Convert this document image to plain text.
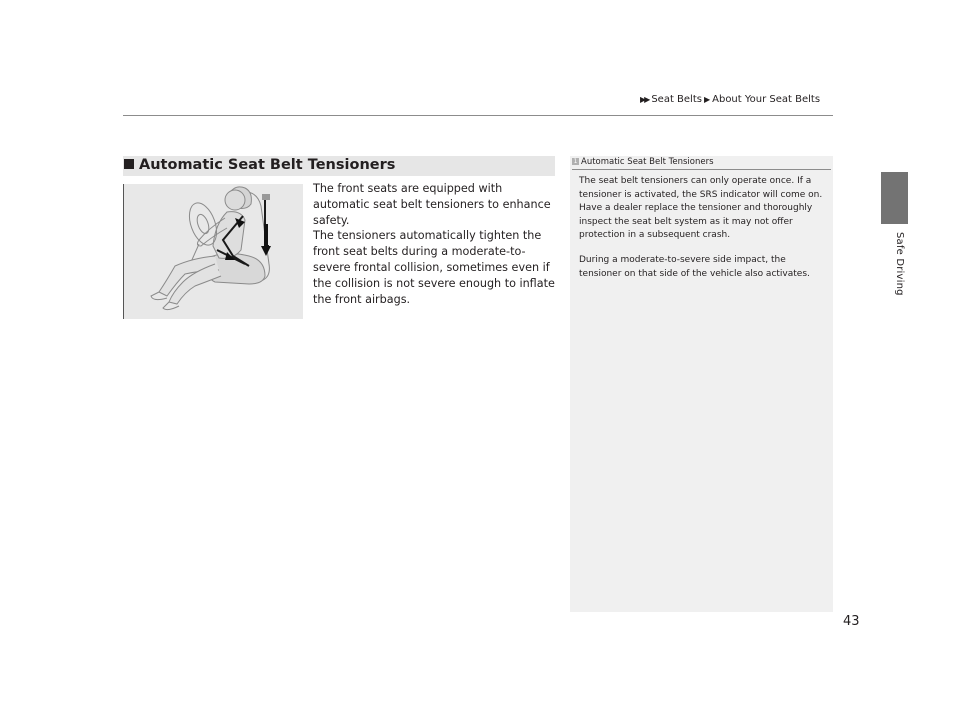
▶▶ Seat Belts ▶ About Your Seat Belts
Safe Driving
Automatic Seat Belt Tensioners
The front seats are equipped with automatic seat belt tensioners to enhance safety.
The tensioners automatically tighten the front seat belts during a moderate-to-severe frontal collision, sometimes even if the collision is not severe enough to inflate the front airbags.
1 Automatic Seat Belt Tensioners
The seat belt tensioners can only operate once. If a tensioner is activated, the SRS indicator will come on. Have a dealer replace the tensioner and thoroughly inspect the seat belt system as it may not offer protection in a subsequent crash.
During a moderate-to-severe side impact, the tensioner on that side of the vehicle also activates.
43
